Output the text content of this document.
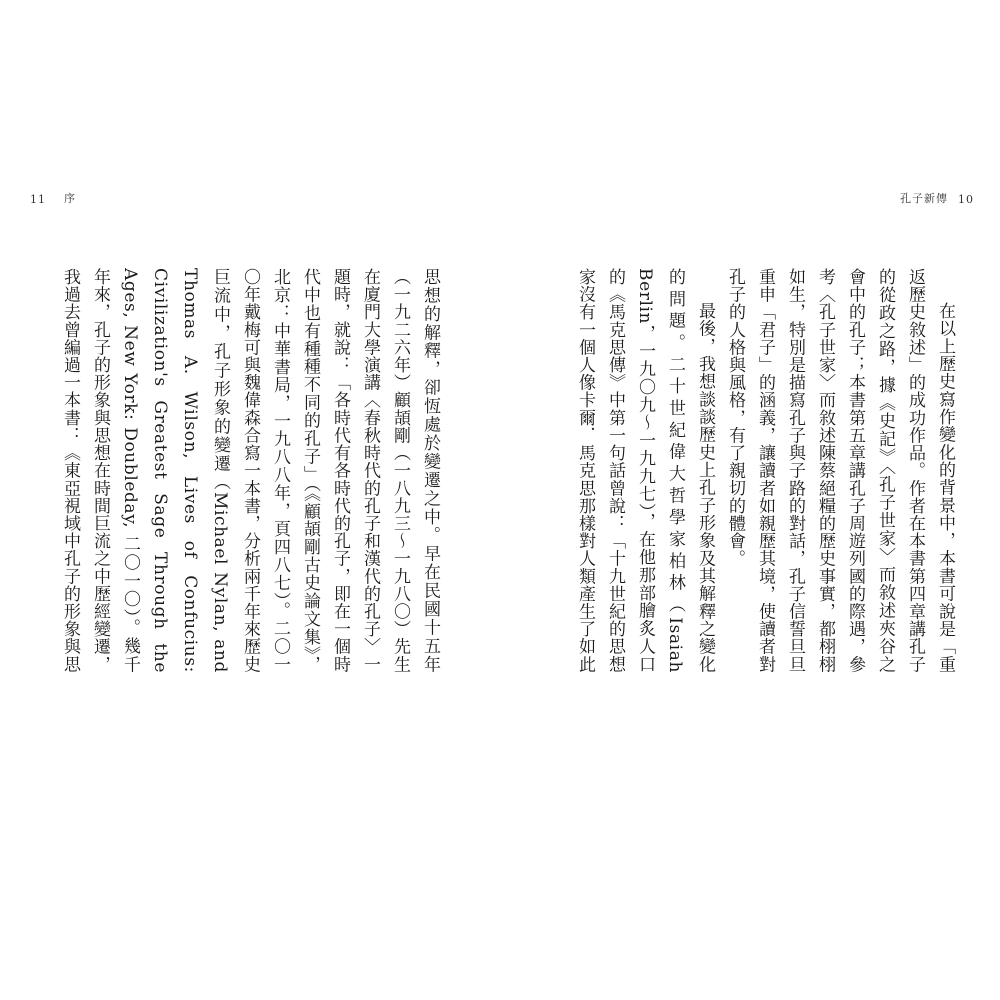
11 序

思想的解釋，卻恆處於變遷之中。早在民國十五年（一九二六年）顧頡剛（一八九三～一九八〇）先生在廈門大學演講〈春秋時代的孔子和漢代的孔子〉一題時，就說：「各時代有各時代的孔子，即在一個時代中也有種種不同的孔子」（《顧頡剛古史論文集》，北京：中華書局，一九八八年，頁四八七）。二〇一〇年戴梅可與魏偉森合寫一本書，分析兩千年來歷史巨流中，孔子形象的變遷（Michael Nylan, and Thomas A. Wilson, Lives of Confucius: Civilization's Greatest Sage Through the Ages, New York: Doubleday, 二〇一〇）。幾千年來，孔子的形象與思想在時間巨流之中歷經變遷，我過去曾編過一本書：《東亞視域中孔子的形象與思

孔子新傳 10

在以上歷史寫作變化的背景中，本書可說是「重返歷史敘述」的成功作品。作者在本書第四章講孔子的從政之路，據《史記》〈孔子世家〉而敘述夾谷之會中的孔子；本書第五章講孔子周遊列國的際遇，參考〈孔子世家〉而敘述陳蔡絕糧的歷史事實，都栩栩如生，特別是描寫孔子與子路的對話，孔子信誓旦旦重申「君子」的涵義，讓讀者如親歷其境，使讀者對孔子的人格與風格，有了親切的體會。

最後，我想談談歷史上孔子形象及其解釋之變化的問題。二十世紀偉大哲學家柏林（Isaiah Berlin，一九〇九～一九九七），在他那部膾炙人口的《馬克思傳》中第一句話曾說：「十九世紀的思想家沒有一個人像卡爾．馬克思那樣對人類產生了如此
